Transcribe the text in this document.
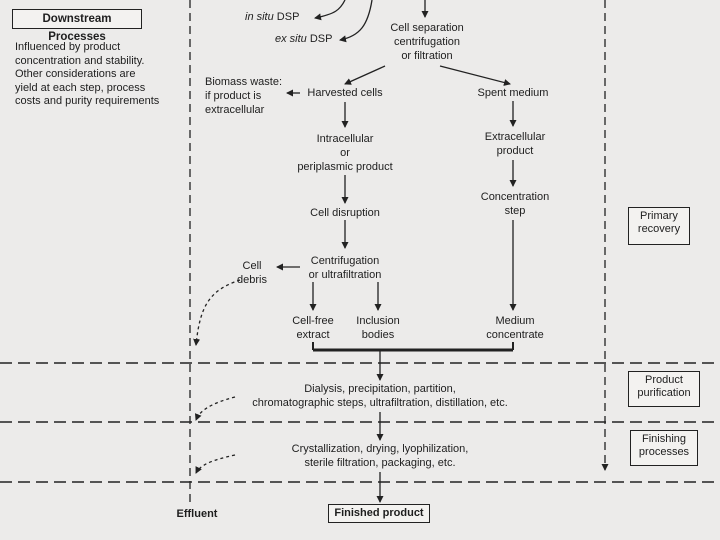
Downstream Processes
Influenced by product
concentration and stability.
Other considerations are
yield at each step, process
costs and purity requirements
in situ DSP
ex situ DSP
Cell separation
centrifugation
or filtration
Biomass waste:
if product is
extracellular
Harvested cells	Spent medium
Intracellular
or
periplasmic product
Extracellular
product
Concentration
step
Cell disruption
Centrifugation
or ultrafiltration
Cell
debris
Cell-free
extract
Inclusion
bodies
Medium
concentrate
Dialysis, precipitation, partition,
chromatographic steps, ultrafiltration, distillation, etc.
Crystallization, drying, lyophilization,
sterile filtration, packaging, etc.
Effluent	Finished product
Primary
recovery
Product
purification
Finishing
processes
